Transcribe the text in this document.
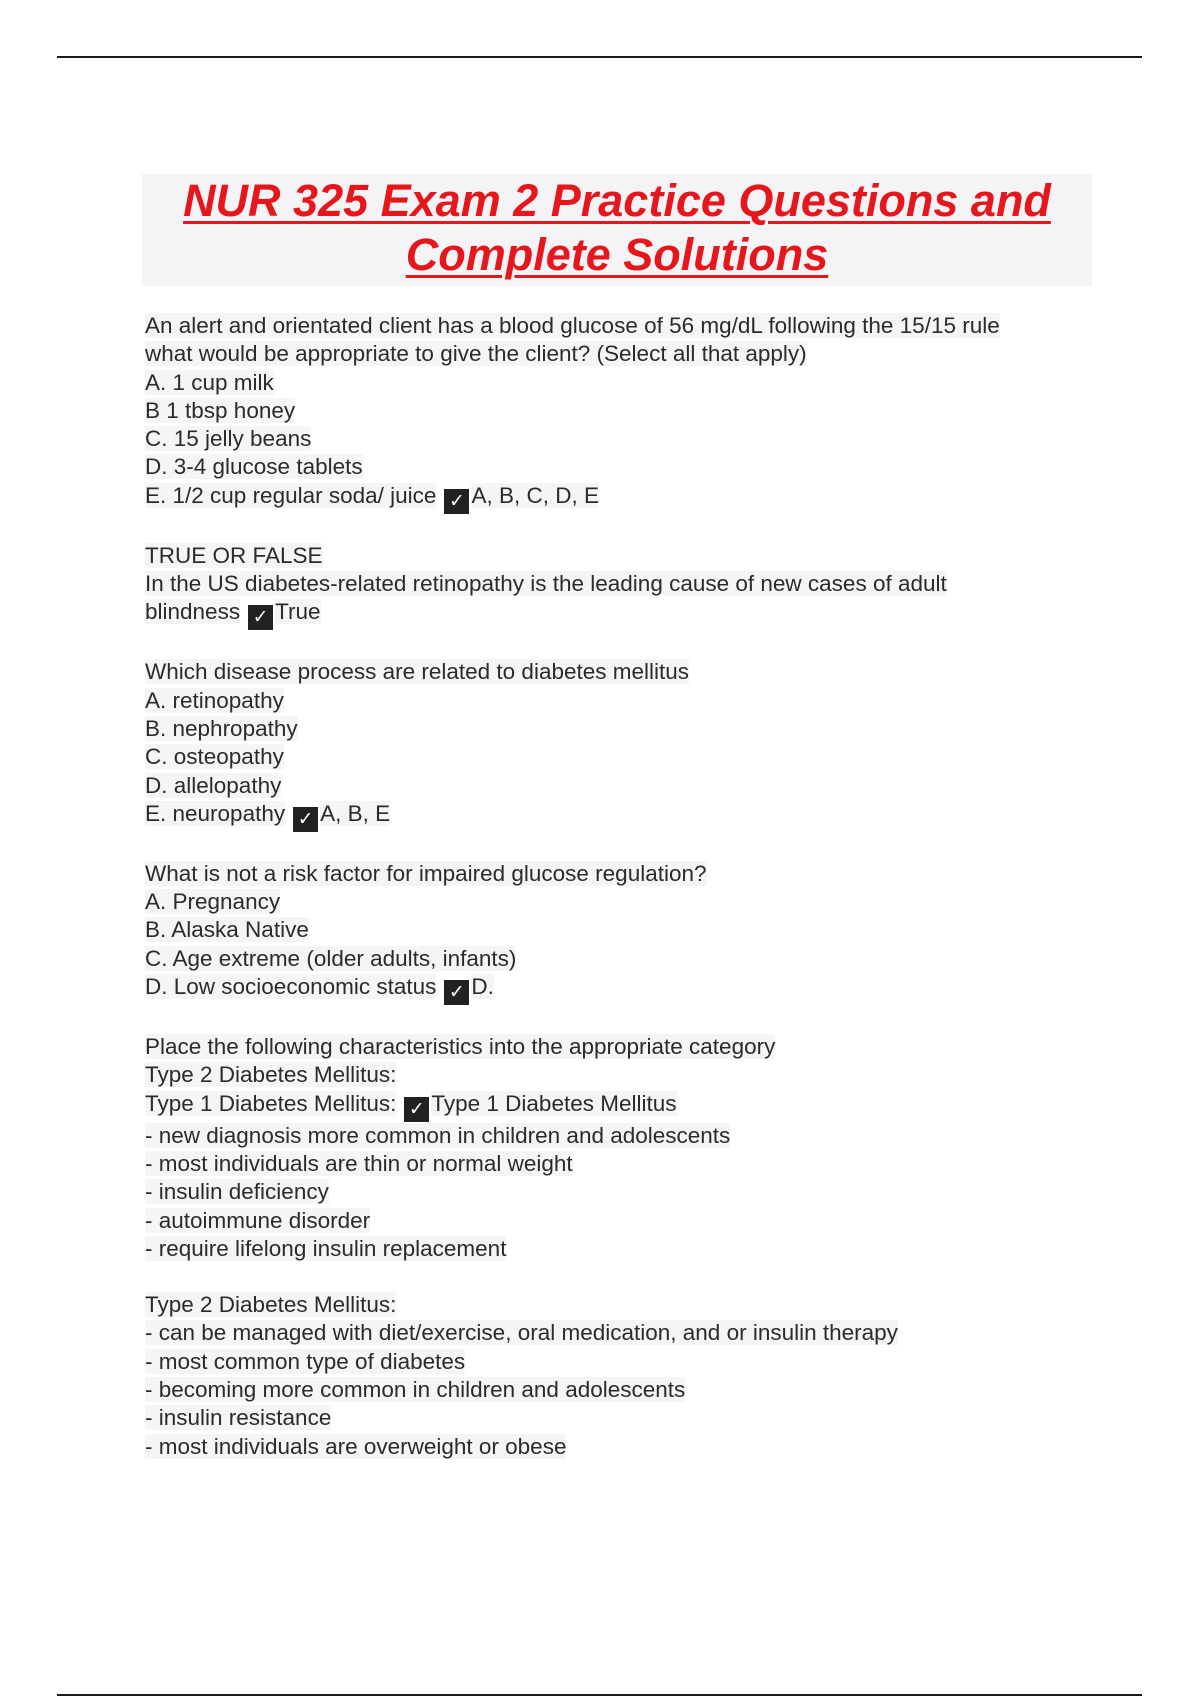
NUR 325 Exam 2 Practice Questions and
Complete Solutions
An alert and orientated client has a blood glucose of 56 mg/dL following the 15/15 rule
what would be appropriate to give the client? (Select all that apply)
A. 1 cup milk
B 1 tbsp honey
C. 15 jelly beans
D. 3-4 glucose tablets
E. 1/2 cup regular soda/ juice ✓ A, B, C, D, E
TRUE OR FALSE
In the US diabetes-related retinopathy is the leading cause of new cases of adult
blindness ✓ True
Which disease process are related to diabetes mellitus
A. retinopathy
B. nephropathy
C. osteopathy
D. allelopathy
E. neuropathy ✓ A, B, E
What is not a risk factor for impaired glucose regulation?
A. Pregnancy
B. Alaska Native
C. Age extreme (older adults, infants)
D. Low socioeconomic status ✓ D.
Place the following characteristics into the appropriate category
Type 2 Diabetes Mellitus:
Type 1 Diabetes Mellitus: ✓ Type 1 Diabetes Mellitus
- new diagnosis more common in children and adolescents
- most individuals are thin or normal weight
- insulin deficiency
- autoimmune disorder
- require lifelong insulin replacement
Type 2 Diabetes Mellitus:
- can be managed with diet/exercise, oral medication, and or insulin therapy
- most common type of diabetes
- becoming more common in children and adolescents
- insulin resistance
- most individuals are overweight or obese
